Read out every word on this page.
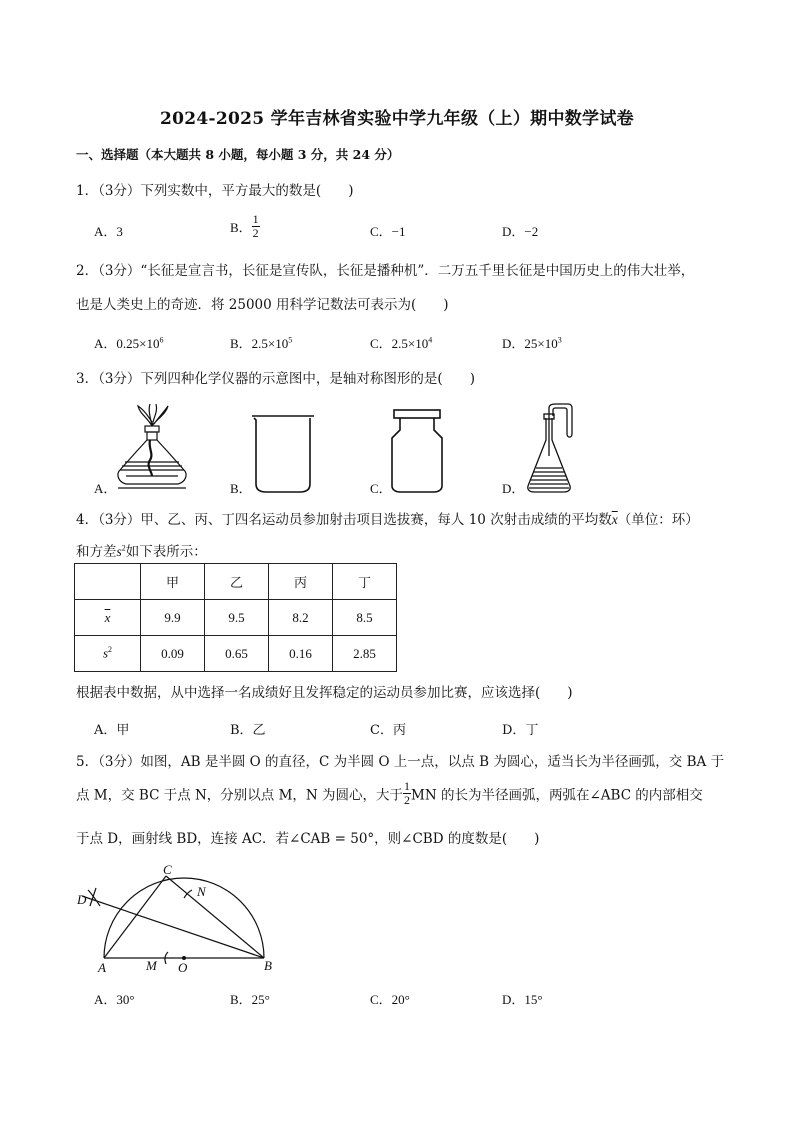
2024-2025 学年吉林省实验中学九年级（上）期中数学试卷
一、选择题（本大题共 8 小题，每小题 3 分，共 24 分）
1．（3分）下列实数中，平方最大的数是(　　)
A．3	B． $\frac{1}{2}$	C．−1	D．−2
2．（3分）“长征是宣言书，长征是宣传队，长征是播种机”．二万五千里长征是中国历史上的伟大壮举，
也是人类史上的奇迹．将 25000 用科学记数法可表示为(　　)
A．$0.25\times 10^6$	B．$2.5\times 10^5$	C．$2.5\times 10^4$	D．$25\times 10^3$
3．（3分）下列四种化学仪器的示意图中，是轴对称图形的是(　　)
A．	B．	C．	D．
4．（3分）甲、乙、丙、丁四名运动员参加射击项目选拔赛，每人 10 次射击成绩的平均数$\overline{x}$（单位：环）
和方差$s^2$如下表所示：
	甲	乙	丙	丁
$\overline{x}$	9.9	9.5	8.2	8.5
$s^2$	0.09	0.65	0.16	2.85
根据表中数据，从中选择一名成绩好且发挥稳定的运动员参加比赛，应该选择(　　)
A．甲	B．乙	C．丙	D．丁
5．（3分）如图，AB 是半圆 O 的直径，C 为半圆 O 上一点，以点 B 为圆心，适当长为半径画弧，交 BA 于
点 M，交 BC 于点 N，分别以点 M，N 为圆心，大于 $\frac{1}{2}$ MN 的长为半径画弧，两弧在∠ABC 的内部相交
于点 D，画射线 BD，连接 AC．若∠CAB = 50°，则∠CBD 的度数是(　　)
A	B
C
D
M
N
O
A．30°	B．25°	C．20°	D．15°
